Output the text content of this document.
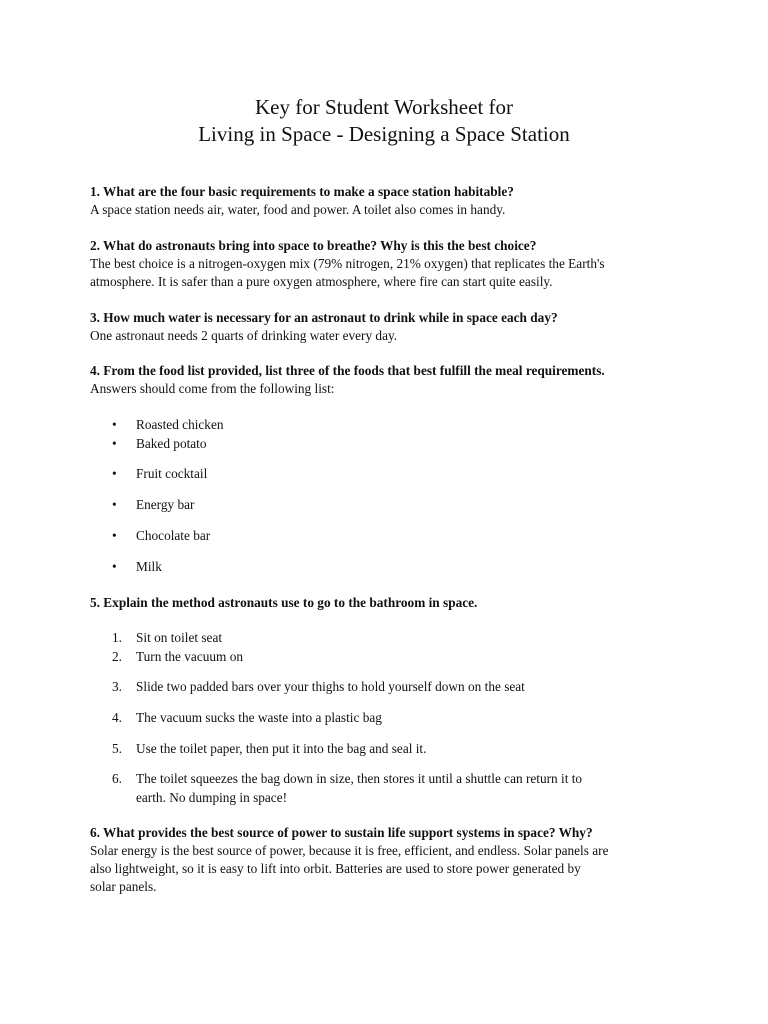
Key for Student Worksheet for
Living in Space - Designing a Space Station

1. What are the four basic requirements to make a space station habitable?

A space station needs air, water, food and power. A toilet also comes in handy.

2. What do astronauts bring into space to breathe? Why is this the best choice?

The best choice is a nitrogen-oxygen mix (79% nitrogen, 21% oxygen) that replicates the Earth's

atmosphere. It is safer than a pure oxygen atmosphere, where fire can start quite easily.

3. How much water is necessary for an astronaut to drink while in space each day?

One astronaut needs 2 quarts of drinking water every day.

4. From the food list provided, list three of the foods that best fulfill the meal requirements.

Answers should come from the following list:

• Roasted chicken
• Baked potato
• Fruit cocktail
• Energy bar
• Chocolate bar
• Milk

5. Explain the method astronauts use to go to the bathroom in space.

1. Sit on toilet seat
2. Turn the vacuum on
3. Slide two padded bars over your thighs to hold yourself down on the seat
4. The vacuum sucks the waste into a plastic bag
5. Use the toilet paper, then put it into the bag and seal it.
6. The toilet squeezes the bag down in size, then stores it until a shuttle can return it to
earth. No dumping in space!

6. What provides the best source of power to sustain life support systems in space? Why?

Solar energy is the best source of power, because it is free, efficient, and endless. Solar panels are

also lightweight, so it is easy to lift into orbit. Batteries are used to store power generated by

solar panels.
